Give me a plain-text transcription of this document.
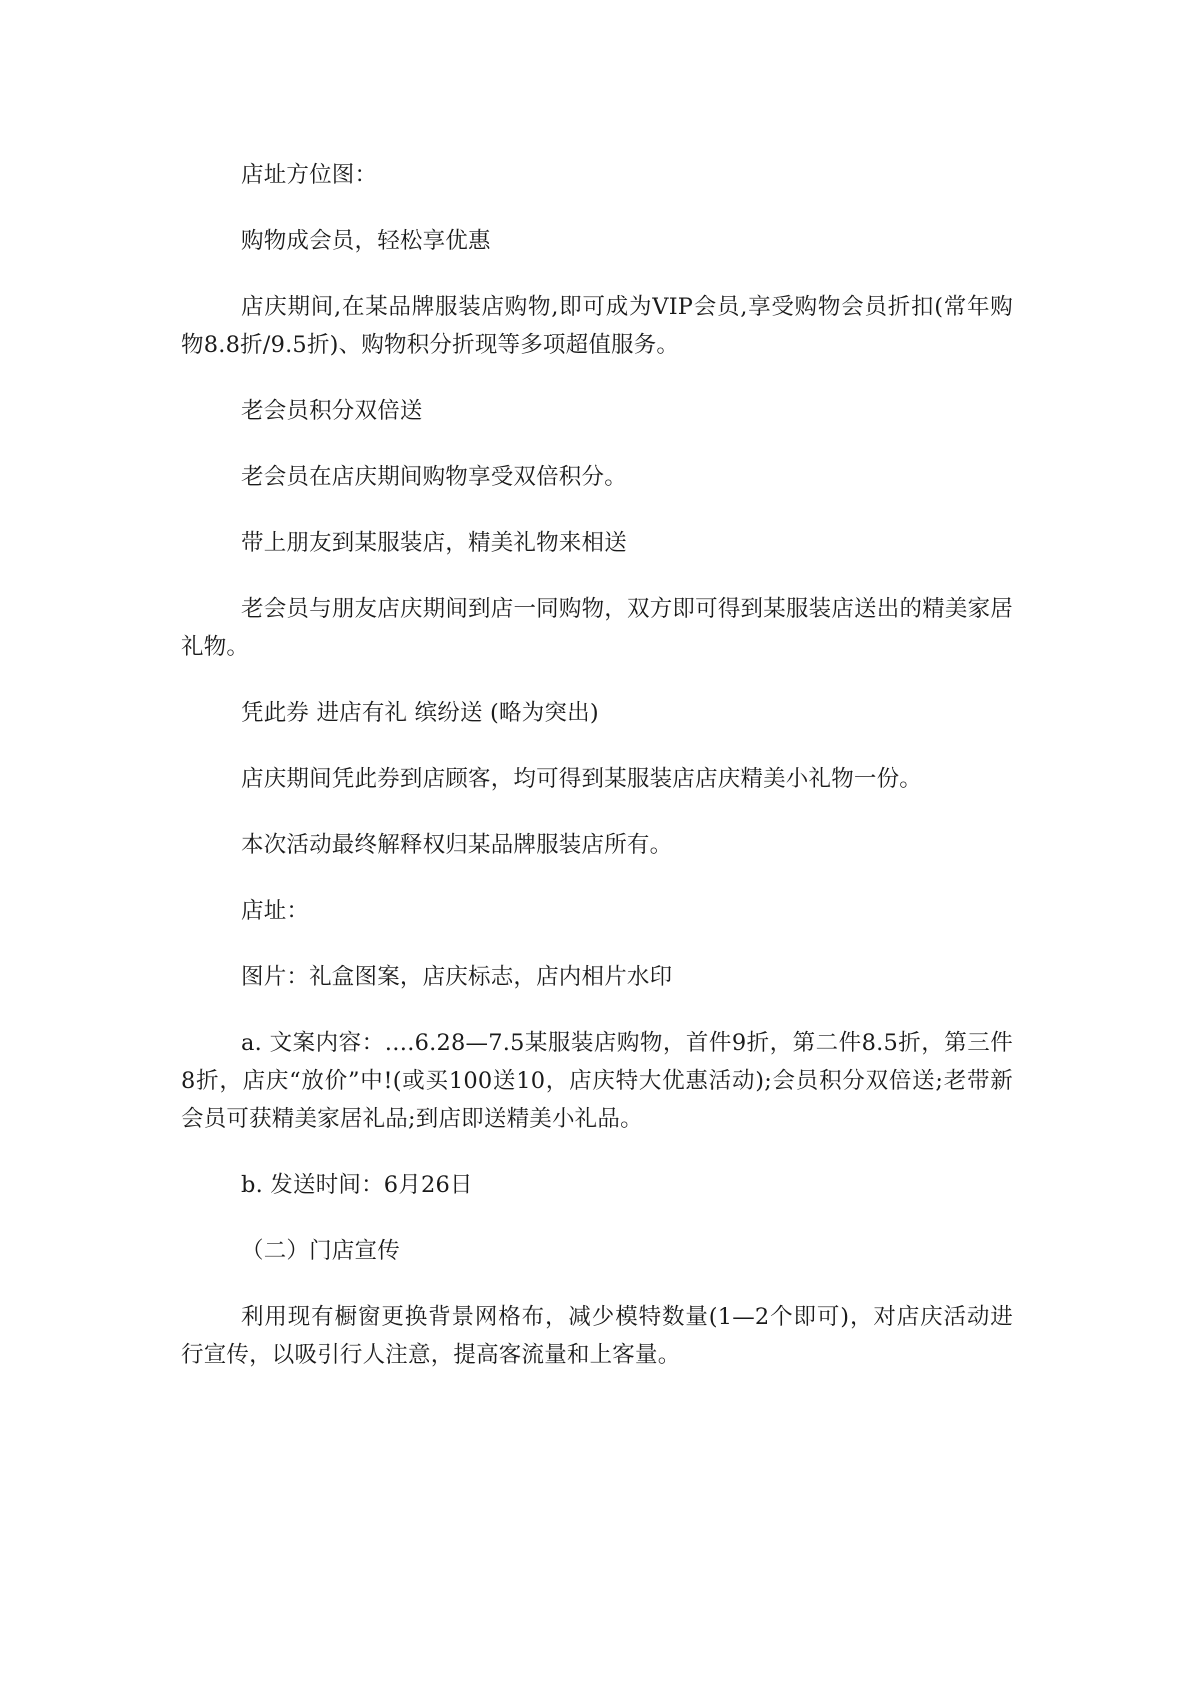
店址方位图：

购物成会员，轻松享优惠

店庆期间,在某品牌服装店购物,即可成为VIP会员,享受购物会员折扣(常年购物8.8折/9.5折)、购物积分折现等多项超值服务。

老会员积分双倍送

老会员在店庆期间购物享受双倍积分。

带上朋友到某服装店，精美礼物来相送

老会员与朋友店庆期间到店一同购物，双方即可得到某服装店送出的精美家居礼物。

凭此券 进店有礼 缤纷送 (略为突出)

店庆期间凭此券到店顾客，均可得到某服装店店庆精美小礼物一份。

本次活动最终解释权归某品牌服装店所有。

店址：

图片：礼盒图案，店庆标志，店内相片水印

a. 文案内容：….6.28—7.5某服装店购物，首件9折，第二件8.5折，第三件8折，店庆“放价”中!(或买100送10，店庆特大优惠活动);会员积分双倍送;老带新会员可获精美家居礼品;到店即送精美小礼品。

b. 发送时间：6月26日

（二）门店宣传

利用现有橱窗更换背景网格布，减少模特数量(1—2个即可)，对店庆活动进行宣传，以吸引行人注意，提高客流量和上客量。
